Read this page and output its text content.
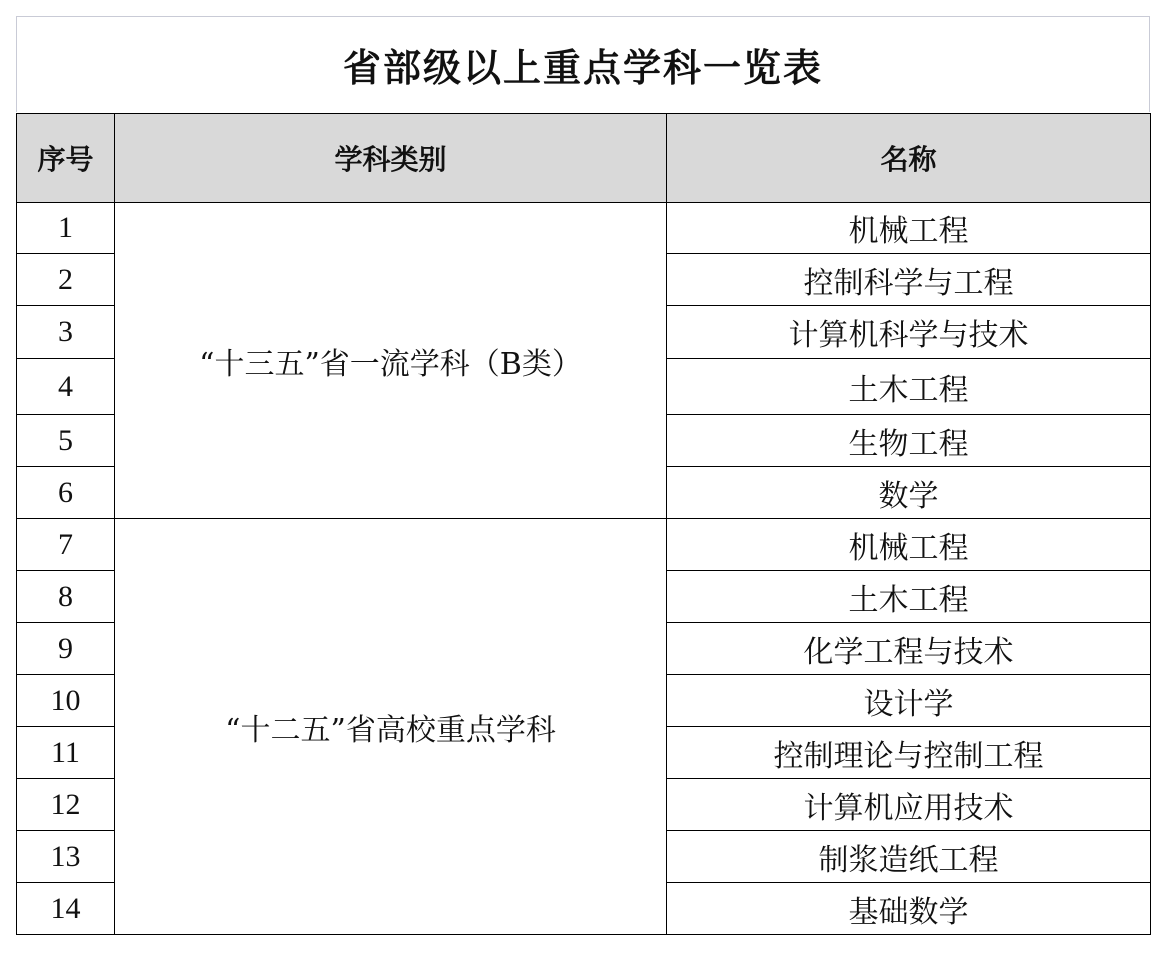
省部级以上重点学科一览表
序号	学科类别	名称
1	“十三五”省一流学科（B类）	机械工程
2		控制科学与工程
3		计算机科学与技术
4		土木工程
5		生物工程
6		数学
7	“十二五”省高校重点学科	机械工程
8		土木工程
9		化学工程与技术
10		设计学
11		控制理论与控制工程
12		计算机应用技术
13		制浆造纸工程
14		基础数学
